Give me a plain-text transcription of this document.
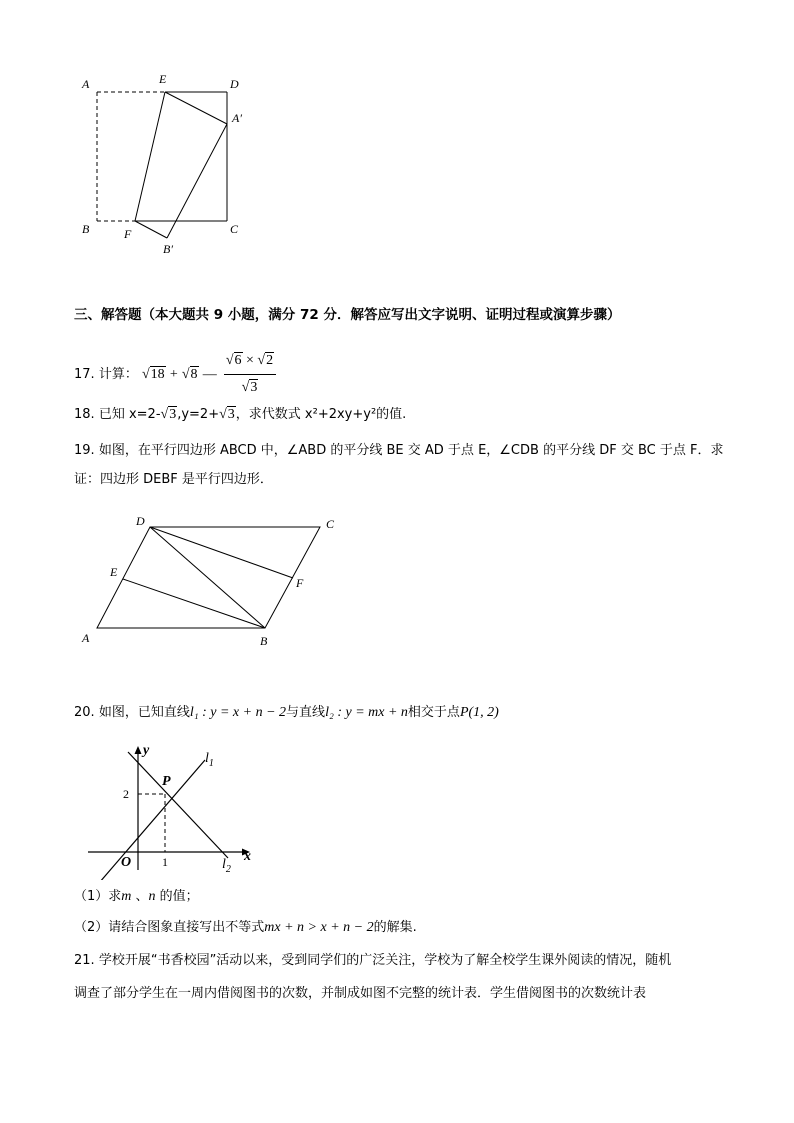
A	E	D
A′
B	F	C
B′
三、解答题（本大题共 9 小题，满分 72 分．解答应写出文字说明、证明过程或演算步骤）
17. 计算： √18 + √8 — $\frac{√6 \times √2}{√3}$
18. 已知 x=2-√3,y=2+√3，求代数式 x²+2xy+y²的值.
19. 如图，在平行四边形 ABCD 中，∠ABD 的平分线 BE 交 AD 于点 E，∠CDB 的平分线 DF 交 BC 于点 F．求
证：四边形 DEBF 是平行四边形．
D	C
E
F
A	B
20. 如图，已知直线l₁ : y = x + n − 2与直线l₂ : y = mx + n相交于点P(1, 2)
y
x
$l_1$
$l_2$
P
O
2
1
（1）求m 、n 的值；
（2）请结合图象直接写出不等式mx + n > x + n − 2的解集.
21. 学校开展“书香校园”活动以来，受到同学们的广泛关注，学校为了解全校学生课外阅读的情况，随机
调查了部分学生在一周内借阅图书的次数，并制成如图不完整的统计表．学生借阅图书的次数统计表
